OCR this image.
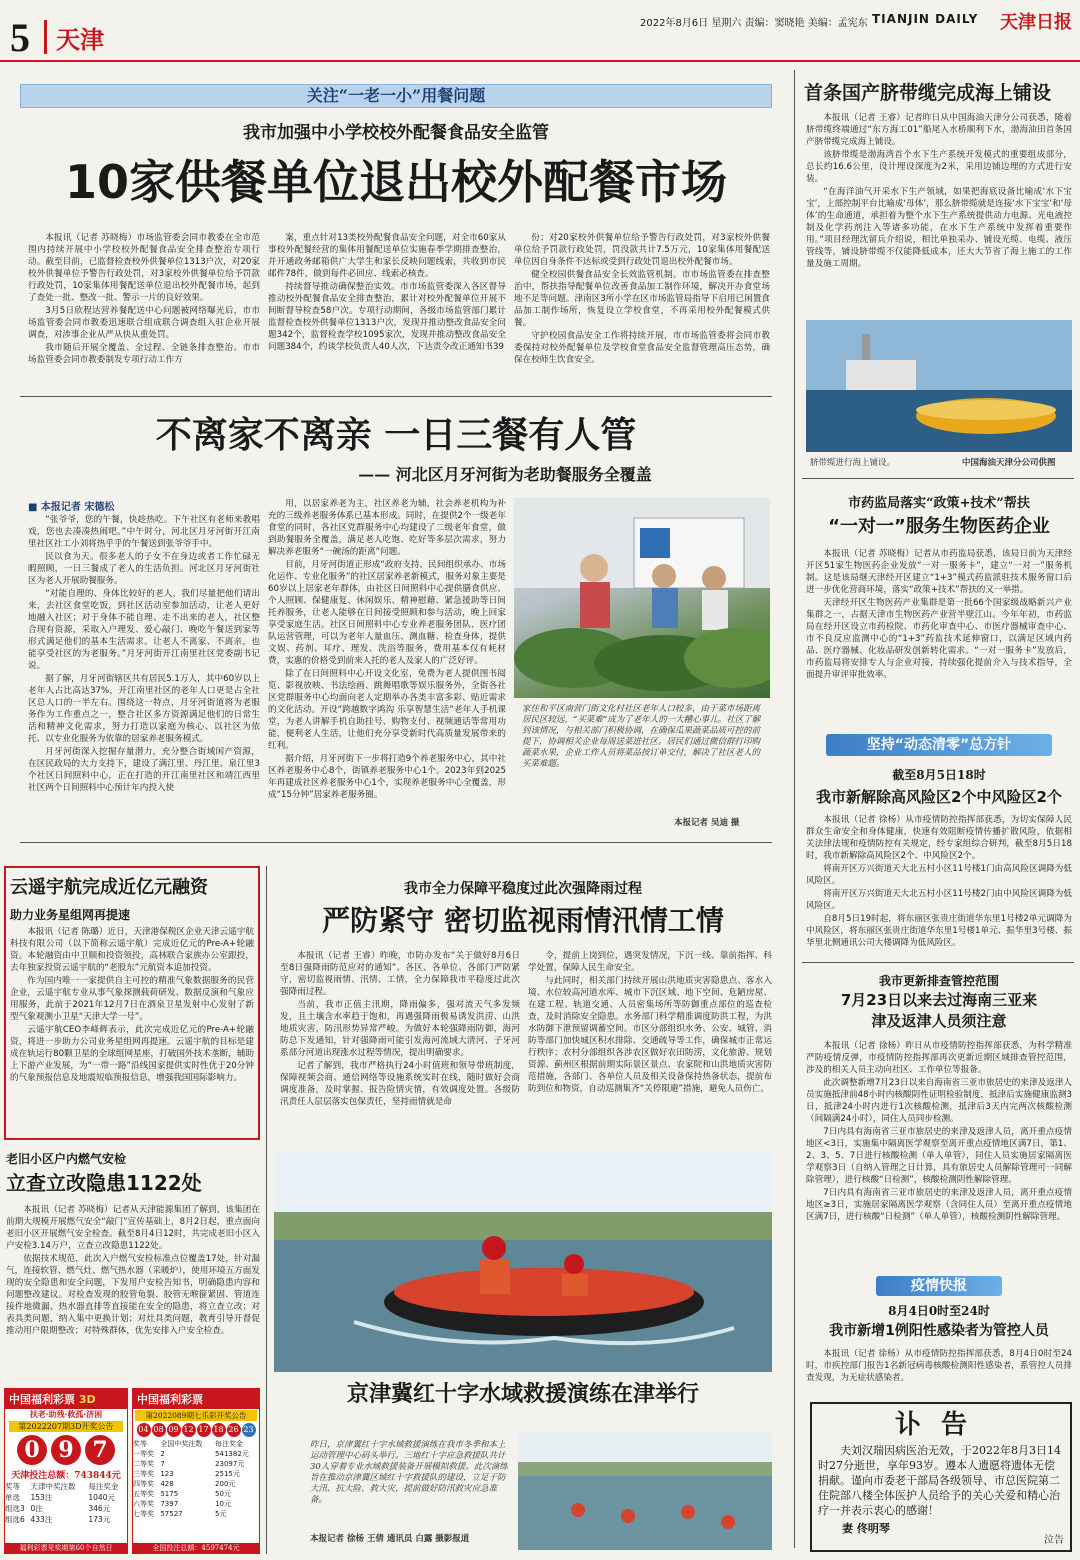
5 天津
2022年8月6日 星期六 责编：窦晓艳 美编：孟宪东 TIANJIN DAILY 天津日报
关注“一老一小”用餐问题
我市加强中小学校校外配餐食品安全监管
10家供餐单位退出校外配餐市场

本报讯（记者 苏晓梅）市场监管委会同市教委在全市范围内持续开展中小学校校外配餐食品安全排查整治专项行动。截至目前，已监督检查校外供餐单位1313户次，对20家校外供餐单位予警告行政处罚，对3家校外供餐单位给予罚款行政处罚，10家集体用餐配送单位退出校外配餐市场，起到了查处一批、整改一批、警示一片的良好效果。

3月5日欣程达营养餐配送中心问题被网络曝光后，市市场监管委会同市教委迅速联合组成联合调查组入驻企业开展调查，对涉事企业从严从快从重处罚。

我市随后开展全覆盖、全过程、全链条排查整治。市市场监管委会同市教委制发专项行动工作方

案，重点针对13类校外配餐食品安全问题，对全市60家从事校外配餐经营的集体用餐配送单位实施春季学期排查整治，并开通政务邮箱供广大学生和家长反映问题线索，共收到市民邮件78件，做到每件必回应、线索必核查。

持续督导推动确保整治实效。市市场监管委深入各区督导推动校外配餐食品安全排查整治，累计对校外配餐单位开展不间断督导检查58户次。专项行动期间，各级市场监管部门累计监督检查校外供餐单位1313户次，发现并推动整改食品安全问题342个，监督检查学校1095家次，发现并推动整改食品安全问题384个，约谈学校负责人40人次，下达责令改正通知书39

份；对20家校外供餐单位给予警告行政处罚，对3家校外供餐单位给予罚款行政处罚，罚没款共计7.5万元，10家集体用餐配送单位因自身条件不达标或受到行政处罚退出校外配餐市场。

健全校园供餐食品安全长效监管机制。市市场监管委在排查整治中，帮扶指导配餐单位改善食品加工制作环境，解决开办食堂场地不足等问题。津南区3所小学在区市场监管局指导下启用已闲置食品加工制作场所，恢复设立学校食堂，不再采用校外配餐模式供餐。

守护校园食品安全工作将持续开展，市市场监管委将会同市教委保持对校外配餐单位及学校食堂食品安全监督管理高压态势，确保在校师生饮食安全。

不离家不离亲 一日三餐有人管
—— 河北区月牙河街为老助餐服务全覆盖
■ 本报记者 宋德松

“张爷爷，您的午餐，快趁热吃。下午社区有老师来教唱戏，您也去凑凑热闹吧。”中午时分，河北区月牙河街开江南里社区社工小刘将热乎乎的午餐送到张爷爷手中。

民以食为天。很多老人的子女不在身边或者工作忙碌无暇照顾，一日三餐成了老人的生活负担。河北区月牙河街社区为老人开展助餐服务。

“对能自理的、身体比较好的老人，我们尽量把他们请出来，去社区食堂吃饭，到社区活动室参加活动，让老人更好地融入社区；对于身体不能自理、走不出来的老人，社区整合现有资源，采取入户理发、爱心敲门、晚吃午餐送到家等形式满足他们的基本生活需求。让老人不离家、不离亲，也能享受社区的为老服务。”月牙河街开江南里社区党委副书记说。

据了解，月牙河街辖区共有居民5.1万人，其中60岁以上老年人占比高达37%，开江南里社区的老年人口更是占全社区总人口的一半左右。围绕这一特点，月牙河街道将为老服务作为工作重点之一，整合社区多方资源满足他们的日常生活和精神文化需求，努力打造以家庭为核心、以社区为依托、以专业化服务为依靠的居家养老服务模式。

月牙河街深入挖掘存量潜力，充分整合街域闲产资源，在区民政局的大力支持下，建设了满江里、丹江里、泉江里3个社区日间照料中心，正在打造的开江南里社区和靖江西里社区两个日间照料中心预计年内投入使

用，以居家养老为主，社区养老为辅，社会养老机构为补充的三级养老服务体系已基本形成。同时，在提供2个一级老年食堂的同时，各社区党群服务中心均建设了二级老年食堂，做到助餐服务全覆盖，满足老人吃饱、吃好等多层次需求，努力解决养老服务“一碗汤的距离”问题。

目前，月牙河街道正形成“政府支持、民间组织承办、市场化运作、专业化服务”的社区居家养老新模式，服务对象主要是60岁以上居家老年群体，由社区日间照料中心提供膳食供应、个人照顾、保健康复、休闲娱乐、精神慰藉、紧急援助等日间托养服务，让老人能够在日间接受照顾和参与活动，晚上回家享受家庭生活。社区日间照料中心专业养老服务团队、医疗团队运营管理，可以为老年人量血压、测血糖、检查身体，提供文娱、药剂、耳疗、理发、洗浴等服务，费用基本仅有耗材费，实惠的价格受到前来人托的老人及家人的广泛好评。

除了在日间照料中心开设文化室，免费为老人提供图书阅览、影视放映、书法绘画、跳舞唱歌等娱乐服务外，全街各社区党群服务中心均面向老人定期举办各类丰富多彩、贴近需求的文化活动。开设“跨越数字鸿沟 乐享智慧生活”老年人手机课堂，为老人讲解手机自助挂号、购物支付、视频通话等常用功能，便利老人生活，让他们充分享受新时代高质量发展带来的红利。

据介绍，月牙河街下一步将打造9个养老服务中心，其中社区养老服务中心8个，街镇养老服务中心1个。2023年到2025年再建成社区养老服务中心1个，实现养老服务中心全覆盖，形成“15分钟”居家养老服务圈。

家住和平区南营门街文化村社区老年人口较多，由于菜市场距离居民区较远，“买菜难”成为了老年人的一大糟心事儿。社区了解到该情况，与相关部门积极协调，在确保瓜果蔬菜品质可控的前提下，协调相关企业每周送菜进社区。居民们通过微信群打印购蔬菜水果，企业工作人员将菜品按订单交付，解决了社区老人的买菜难题。
本报记者 吴迪 摄
云遥宇航完成近亿元融资
助力业务星组网再提速

本报讯（记者 陈璐）近日，天津港保税区企业天津云遥宇航科技有限公司（以下简称云遥宇航）完成近亿元的Pre-A+轮融资。本轮融资由中卫顺和投资领投，高林联合家族办公室跟投，去年独家投资云遥宇航的“老股东”元航资本追加投资。

作为国内唯一一家提供自主可控的精准气象数据服务的民营企业，云遥宇航专业从事气象探测载荷研发、数据反演和气象应用服务，此前于2021年12月7日在酒泉卫星发射中心发射了新型气象观测小卫星“天津大学一号”。

云遥宇航CEO李峰辉表示，此次完成近亿元的Pre-A+轮融资，将进一步助力公司业务星组网再提速。云遥宇航的目标是建成在轨运行80颗卫星的全球组网星座，打破国外技术垄断，辅助上下游产业发展，为“一带一路”沿线国家提供实时性优于20分钟的气象预报信息及地震短临预报信息，增强我国国际影响力。

老旧小区户内燃气安检
立查立改隐患1122处

本报讯（记者 苏晓梅）记者从天津能源集团了解到，该集团在前期大规模开展燃气安全“敲门”宣传基础上，8月2日起，重点面向老旧小区开展燃气安全检查。截至8月4日12时，共完成老旧小区入户安检3.14万户，立查立改隐患1122处。

依据技术规范，此次入户燃气安检标准点位覆盖17处，针对漏气，连接软管、燃气灶、燃气热水器（采暖炉），使用环境五方面发现的安全隐患和安全问题，下发用户安检告知书，明确隐患内容和问题整改建议。对检查发现的胶管龟裂、胶管无喉箍紧固、管道连接件地微漏、热水器直排等直接能在安全的隐患，将立查立改；对表具类问题，纳入集中更换计划；对灶具类问题，教育引导开督促推动用户限期整改；对特殊群体，优先安排入户安全检查。

中国福利彩票 3D
扶老·助残·救孤·济困
第2022207期3D开奖公告
0 9 7
天津投注总额：743844元
奖等	天津中奖注数	每注奖金
单选	153注	1040元
组选3	0注	346元
组选6	433注	173元
福利彩票见奖期第60个自然日
中国福利彩票
第2022089期七乐彩开奖公告
04 08 09 12 17 18 26 23
奖等	全国中奖注数	每注奖金
一等奖	2	541382元
二等奖	7	23097元
三等奖	123	2515元
四等奖	428	200元
五等奖	5175	50元
六等奖	7397	10元
七等奖	57527	5元
全国投注总额：4597474元
我市全力保障平稳度过此次强降雨过程
严防紧守 密切监视雨情汛情工情

本报讯（记者 王睿）昨晚，市防办发布“关于做好8月6日至8日强降雨防范应对的通知”。各区、各单位、各部门严防紧守，密切监视雨情、汛情、工情，全力保障我市平稳度过此次强降雨过程。

当前，我市正值主汛期，降雨偏多，强对流天气多发频发，且土壤含水率趋于饱和，再遇强降雨极易诱发洪涝、山洪地质灾害，防汛形势异常严峻。为做好本轮强降雨防御，海河防总下发通知，针对强降雨可能引发海河流域大清河、子牙河系部分河道出现涨水过程等情况，提出明确要求。

记者了解到，我市严格执行24小时值班和领导带班制度，保障视频会商、通信网络等设施系统实时在线，随时做好会商调度准备，及时掌握、报告险情灾情，有效调度处置。各级防汛责任人层层落实包保责任，坚持雨情就是命

令，提前上岗到位，遇突发情况，下沉一线、靠前指挥、科学处置，保障人民生命安全。

与此同时，相关部门持续开展山洪地质灾害隐患点、客水入境、水位较高河道水库、城市下沉区域、地下空间、危陋房屋、在建工程、轨道交通、人员密集场所等防御重点部位的巡查检查，及时消除安全隐患。水务部门科学精准调度防洪工程，为洪水防御下泄预留调蓄空间。市区分部组织水务、公安、城管、消防等部门加快城区积水排除、交通疏导等工作，确保城市正常运行秩序；农村分部组织各涉农区做好农田防涝，文化旅游、规划资源、蓟州区根据前期实际景区景点、农家院和山洪地质灾害防范措施，各部门、各单位人员及相关设备保持热备状态，提前布防到位和物资，自动巡测集齐“关停限避”措施，避免人员伤亡。

京津冀红十字水域救援演练在津举行
昨日，京津冀红十字水域救援演练在我市冬季和本上运动管理中心码头举行。三地红十字应急救援队共计30人穿着专业水域救援装备开展模拟救援。此次演练旨在推动京津冀区域红十字救援队的建设，立足于防大汛、抗大险、救大灾，提前做好防汛救灾应急准备。
本报记者 徐杨 王倩 通讯员 白露 摄影报道
首条国产脐带缆完成海上铺设

本报讯（记者 王睿）记者昨日从中国海油天津分公司获悉，随着脐带缆终端通过“东方海工01”船尾入水桥顺利下水，渤海油田首条国产脐带缆完成海上铺设。

该脐带缆是渤海湾首个水下生产系统开发模式的重要组成部分，总长约16.6公里，设计埋设深度为2米，采用边铺边埋的方式进行安装。

“在海洋油气开采水下生产领域，如果把海底设备比喻成‘水下宝宝’，上部控制平台比喻成‘母体’，那么脐带缆就是连接‘水下宝宝’和‘母体’的生命通道，承担着为整个水下生产系统提供动力电源、光电液控制及化学药剂注入等诸多功能，在水下生产系统中发挥着重要作用。”项目经理沈留兵介绍说，相比单独采办、铺设光缆、电缆、液压管线等，铺设脐带缆不仅能降低成本，还大大节省了海上施工的工作量及施工周期。

脐带缆进行海上铺设。	中国海油天津分公司供图
市药监局落实“政策+技术”帮扶
“一对一”服务生物医药企业

本报讯（记者 苏晓梅）记者从市药监局获悉，该局日前为天津经开区51家生物医药企业发放“一对一服务卡”，建立“一对一”服务机制。这是该局继天津经开区建立“1+3”模式药监派驻技术服务窗口后进一步优化营商环境，落实“政策+技术”帮扶的又一举措。

天津经开区生物医药产业集群是第一批66个国家级战略新兴产业集群之一，占据天津市生物医药产业营半壁江山。今年年初，市药监局在经开区设立市药检院、市药化审查中心、市医疗器械审查中心、市不良反应监测中心的“1+3”药监技术延伸窗口，以满足区域内药品、医疗器械、化妆品研发创新转化需求。“一对一服务卡”发放后，市药监局将安排专人与企业对接，持续强化提前介入与技术指导，全面提升审评审批效率。

坚持“动态清零”总方针
截至8月5日18时
我市新解除高风险区2个中风险区2个

本报讯（记者 徐杨）从市疫情防控指挥部获悉，为切实保障人民群众生命安全和身体健康，快速有效阻断疫情传播扩散风险，依据相关法律法规和疫情防控有关规定，经专家组综合研判，截至8月5日18时，我市新解除高风险区2个、中风险区2个。

将南开区万兴街道天大北五村小区11号楼1门由高风险区调降为低风险区。

将南开区万兴街道天大北五村小区11号楼2门由中风险区调降为低风险区。

自8月5日19时起，将东丽区张贵庄街道华东里1号楼2单元调降为中风险区，将东丽区张贵庄街道华东里1号楼1单元、振华里3号楼、振华里北侧通讯公司大楼调降为低风险区。

我市更新排查管控范围
7月23日以来去过海南三亚来津及返津人员须注意

本报讯（记者 徐杨）昨日从市疫情防控指挥部获悉，为科学精准严防疫情反弹，市疫情防控指挥部再次更新近期区域排查管控范围，涉及的相关人员主动向社区、工作单位等报备。

此次调整新增7月23日以来自海南省三亚市旅居史的来津及返津人员实施抵津前48小时内核酸阴性证明检验制度，抵津后实施健康监测3日，抵津24小时内进行1次核酸检测，抵津后3天内完两次核酸检测（间隔满24小时），同住人员同步检测。

7日内具有海南省三亚市旅居史的来津及返津人员，离开重点疫情地区<3日，实施集中隔离医学观察至离开重点疫情地区满7日，第1、2、3、5、7日进行核酸检测（单人单管），同住人员实施居家隔离医学观察3日（自纳入管理之日计算，具有旅居史人员解除管理可一同解除管理），进行核酸“日检测”，核酸检测阴性解除管理。

7日内具有海南省三亚市旅居史的来津及返津人员，离开重点疫情地区≥3日，实施居家隔离医学观察（含同住人员）至离开重点疫情地区满7日，进行核酸“日检测”（单人单管），核酸检测阴性解除管理。

疫情快报
8月4日0时至24时
我市新增1例阳性感染者为管控人员

本报讯（记者 徐杨）从市疫情防控指挥部获悉，8月4日0时至24时，市疾控部门报告1名新冠病毒核酸检测阳性感染者，系管控人员排查发现，为无症状感染者。

讣告
夫刘汉瑞因病医治无效，于2022年8月3日14时27分逝世，享年93岁。遵本人遗愿将遗体无偿捐献。谨向市委老干部局各级领导、市总医院第二住院部八楼全体医护人员给予的关心关爱和精心治疗一并表示衷心的感谢！
妻 佟明琴
泣告
